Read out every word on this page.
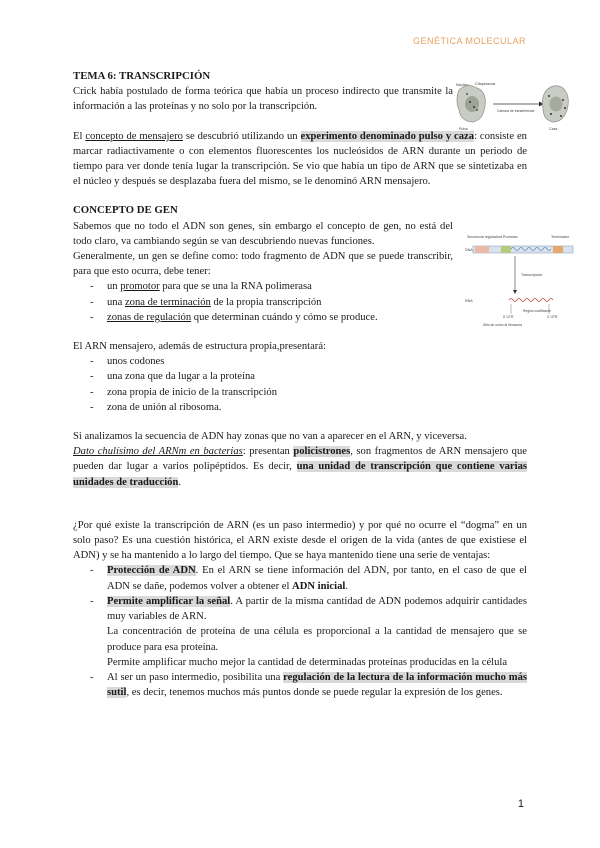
GENÉTICA MOLECULAR
Núcleo Citoplasma
Pulso
Cámara de transferencia
Caza
Secuencia reguladora Promotor	Terminador
DNA
Transcripción
RNA
5' UTR
Región codificante
3' UTR
Sitio de unión al ribosoma

TEMA 6: TRANSCRIPCIÓN

Crick había postulado de forma teórica que había un proceso indirecto que transmite la información a las proteínas y no solo por la transcripción.

El concepto de mensajero se descubrió utilizando un experimento denominado pulso y caza: consiste en marcar radiactivamente o con elementos fluorescentes los nucleósidos de ARN durante un periodo de tiempo para ver donde tenía lugar la transcripción. Se vio que había un tipo de ARN que se sintetizaba en el núcleo y después se desplazaba fuera del mismo, se le denominó ARN mensajero.

CONCEPTO DE GEN

Sabemos que no todo el ADN son genes, sin embargo el concepto de gen, no está del todo claro, va cambiando según se van descubriendo nuevas funciones.

Generalmente, un gen se define como: todo fragmento de ADN que se puede transcribir, para que esto ocurra, debe tener:

- un promotor para que se una la RNA polimerasa
- una zona de terminación de la propia transcripción
- zonas de regulación que determinan cuándo y cómo se produce.

El ARN mensajero, además de estructura propia,presentará:

- unos codones
- una zona que da lugar a la proteína
- zona propia de inicio de la transcripción
- zona de unión al ribosoma.

Si analizamos la secuencia de ADN hay zonas que no van a aparecer en el ARN, y viceversa.

Dato chulísimo del ARNm en bacterias: presentan policistrones, son fragmentos de ARN mensajero que pueden dar lugar a varios polipéptidos. Es decir, una unidad de transcripción que contiene varias unidades de traducción.

¿Por qué existe la transcripción de ARN (es un paso intermedio) y por qué no ocurre el “dogma” en un solo paso? Es una cuestión histórica, el ARN existe desde el origen de la vida (antes de que existiese el ADN) y se ha mantenido a lo largo del tiempo. Que se haya mantenido tiene una serie de ventajas:

- Protección de ADN. En el ARN se tiene información del ADN, por tanto, en el caso de que el ADN se dañe, podemos volver a obtener el ADN inicial.
- Permite amplificar la señal. A partir de la misma cantidad de ADN podemos adquirir cantidades muy variables de ARN.

La concentración de proteína de una célula es proporcional a la cantidad de mensajero que se produce para esa proteína.

Permite amplificar mucho mejor la cantidad de determinadas proteínas producidas en la célula

- Al ser un paso intermedio, posibilita una regulación de la lectura de la información mucho más sutil, es decir, tenemos muchos más puntos donde se puede regular la expresión de los genes.
1
